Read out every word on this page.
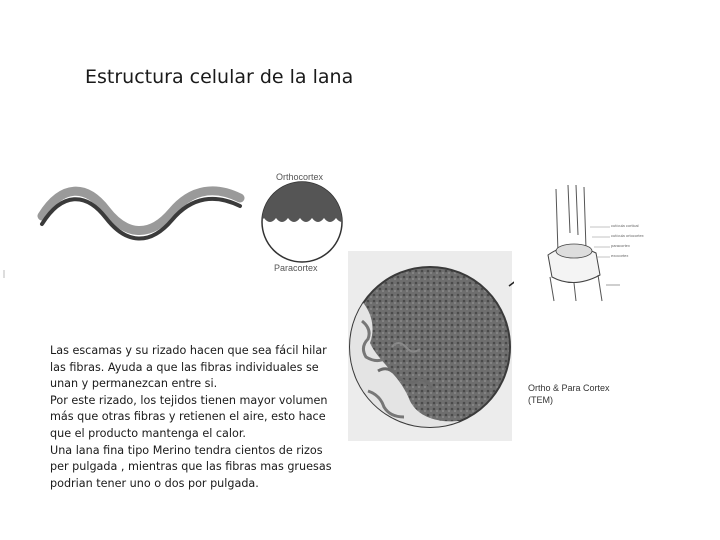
Estructura celular de la lana
Orthocortex
Paracortex
Ortho & Para Cortex
(TEM)
cutícula cortical
cutícula ortocortex
paracortex
exocortex

Las escamas y su rizado hacen que sea fácil hilar las fibras. Ayuda a que las fibras individuales se unan y permanezcan entre si.

Por este rizado, los tejidos tienen mayor volumen más que otras fibras y retienen el aire, esto hace que el producto mantenga el calor.

Una lana fina tipo Merino tendra cientos de rizos per pulgada , mientras que las fibras mas gruesas podrian tener uno o dos por pulgada.
